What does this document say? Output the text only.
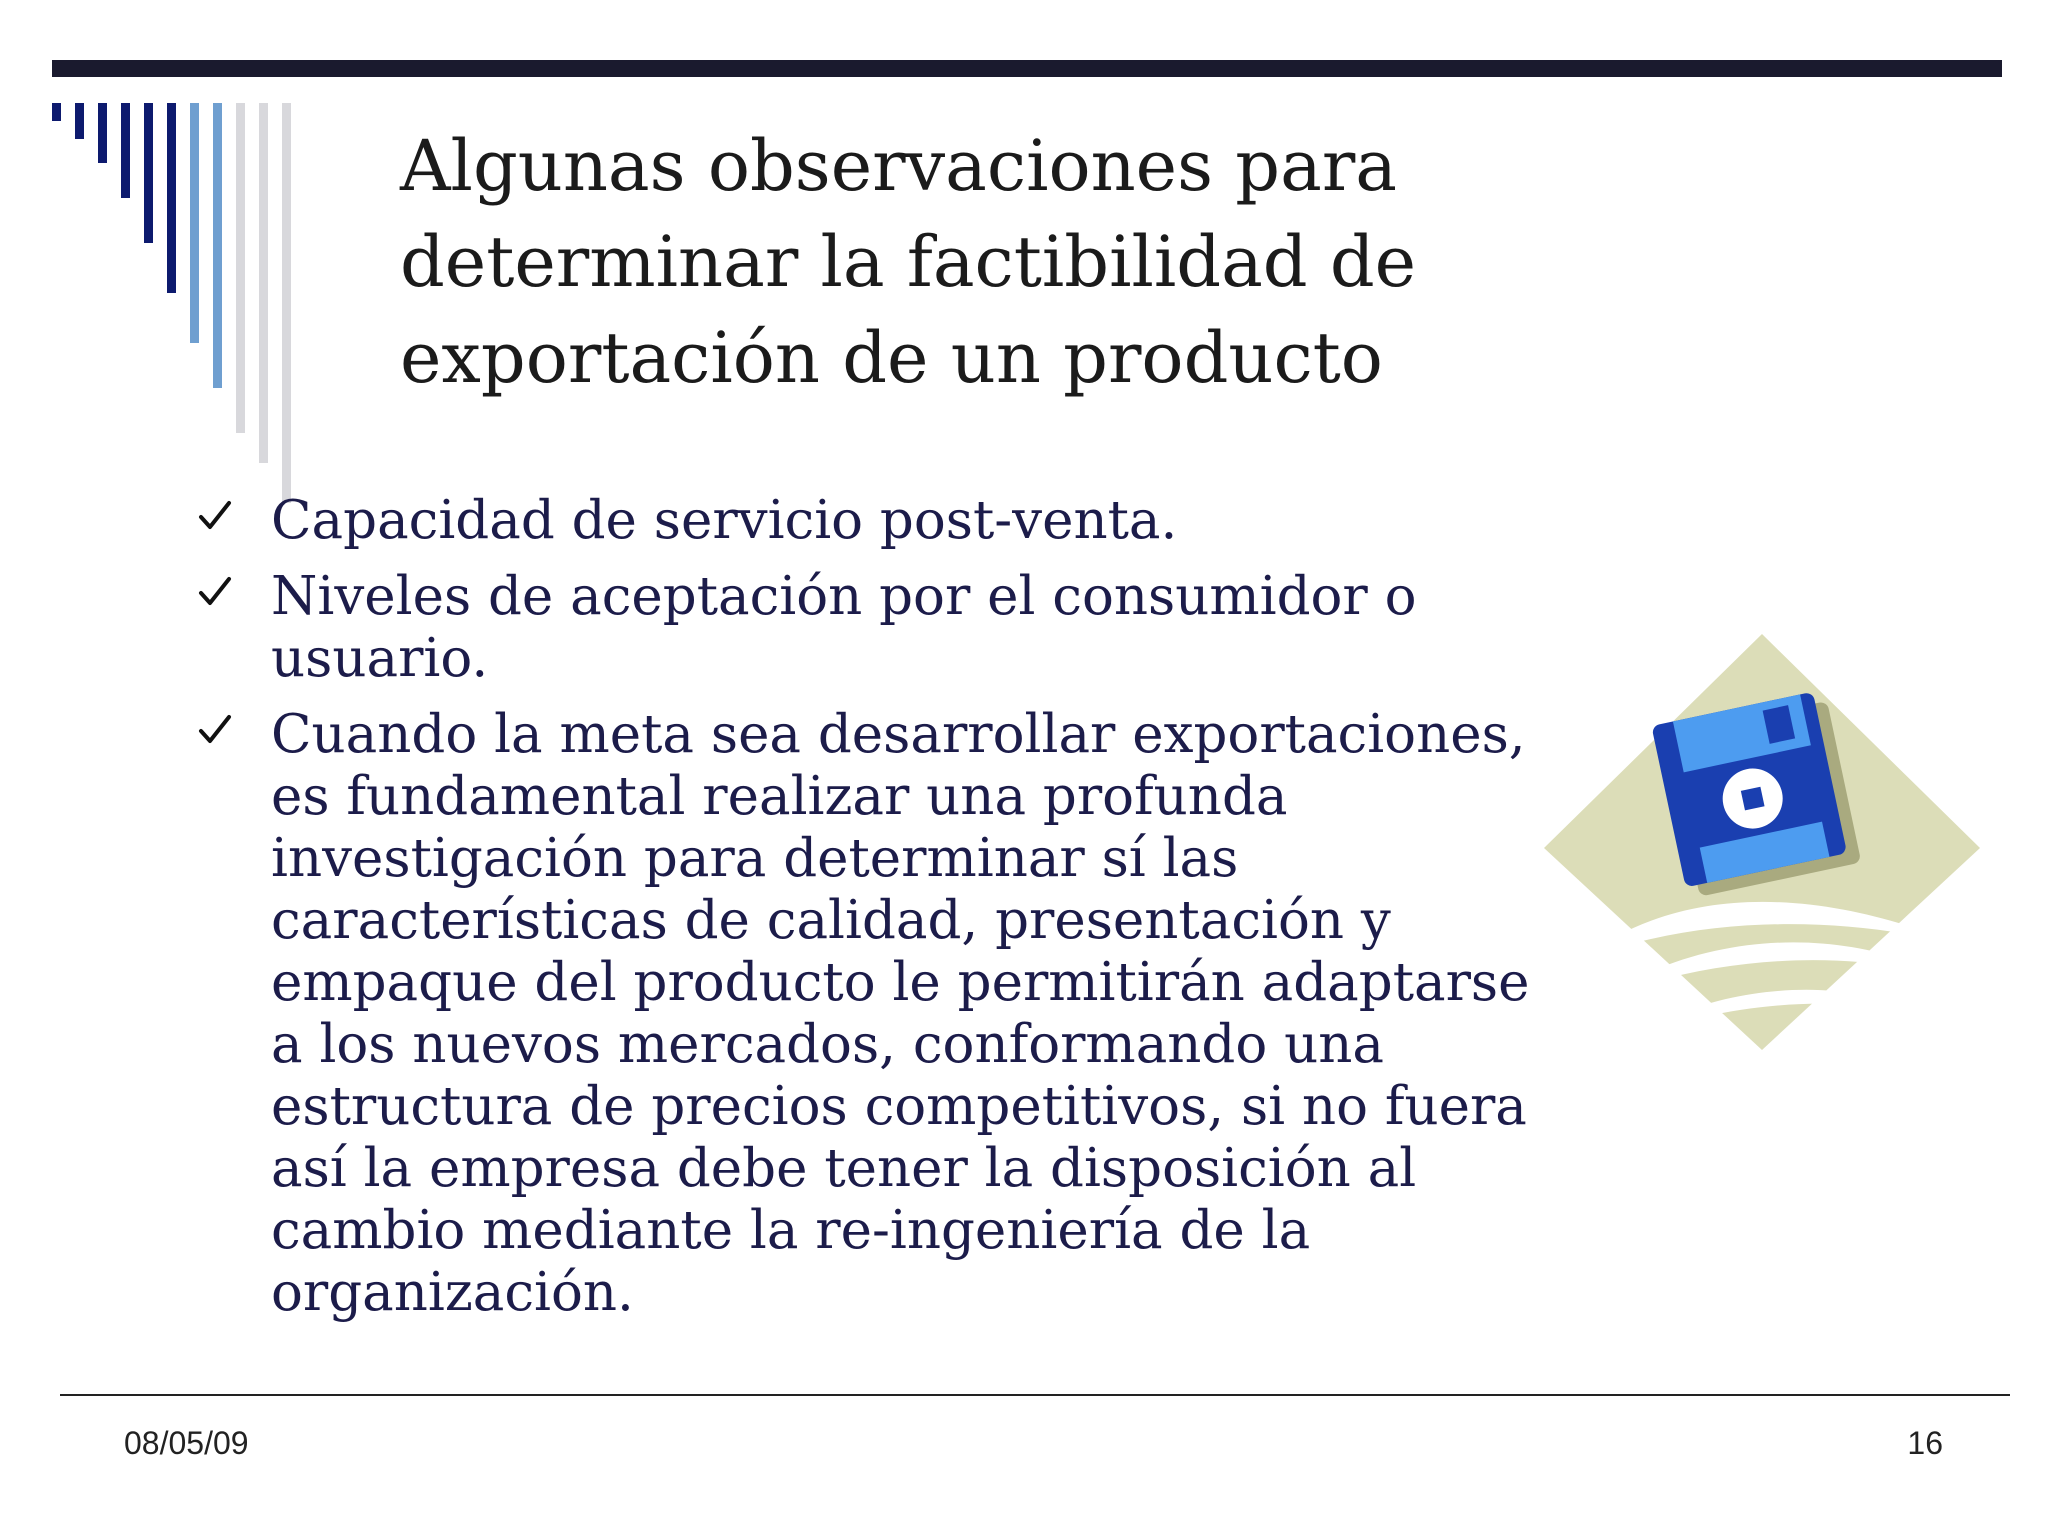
Algunas observaciones para
determinar la factibilidad de
exportación de un producto
Capacidad de servicio post-venta.
Niveles de aceptación por el consumidor o
usuario.
Cuando la meta sea desarrollar exportaciones,
es fundamental realizar una profunda
investigación para determinar sí las
características de calidad, presentación y
empaque del producto le permitirán adaptarse
a los nuevos mercados, conformando una
estructura de precios competitivos, si no fuera
así la empresa debe tener la disposición al
cambio mediante la re-ingeniería de la
organización.
08/05/09	16
